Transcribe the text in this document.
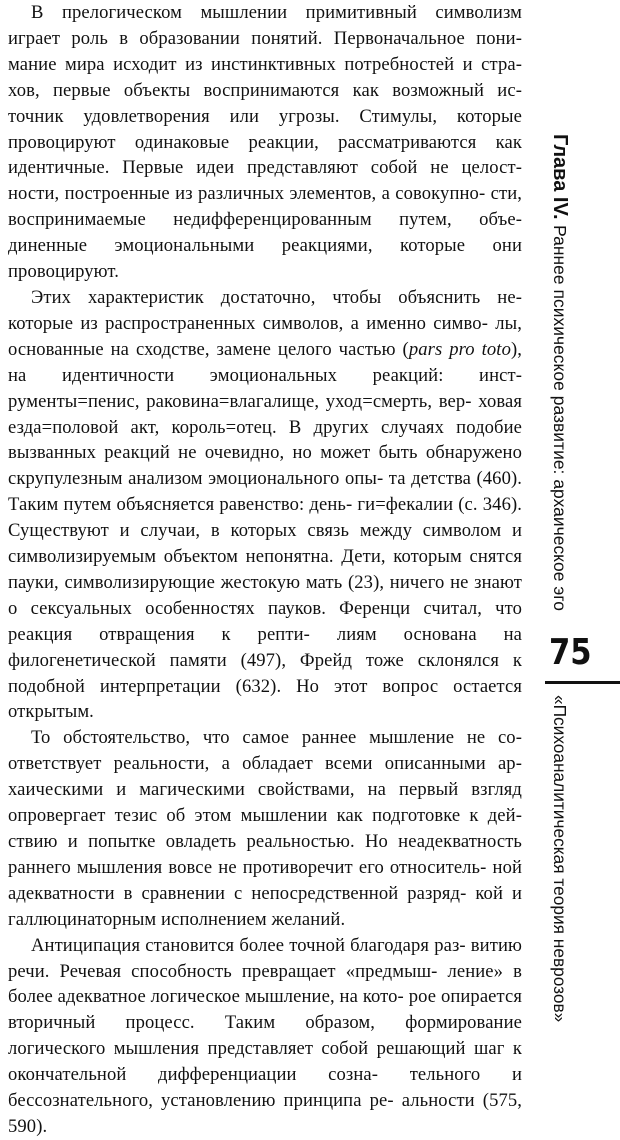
В прелогическом мышлении примитивный символизм играет роль в образовании понятий. Первоначальное пони- мание мира исходит из инстинктивных потребностей и стра- хов, первые объекты воспринимаются как возможный ис- точник удовлетворения или угрозы. Стимулы, которые провоцируют одинаковые реакции, рассматриваются как идентичные. Первые идеи представляют собой не целост- ности, построенные из различных элементов, а совокупно- сти, воспринимаемые недифференцированным путем, объе- диненные эмоциональными реакциями, которые они провоцируют.

Этих характеристик достаточно, чтобы объяснить не- которые из распространенных символов, а именно симво- лы, основанные на сходстве, замене целого частью (pars pro toto), на идентичности эмоциональных реакций: инст- рументы=пенис, раковина=влагалище, уход=смерть, вер- ховая езда=половой акт, король=отец. В других случаях подобие вызванных реакций не очевидно, но может быть обнаружено скрупулезным анализом эмоционального опы- та детства (460). Таким путем объясняется равенство: день- ги=фекалии (с. 346). Существуют и случаи, в которых связь между символом и символизируемым объектом непонятна. Дети, которым снятся пауки, символизирующие жестокую мать (23), ничего не знают о сексуальных особенностях пауков. Ференци считал, что реакция отвращения к репти- лиям основана на филогенетической памяти (497), Фрейд тоже склонялся к подобной интерпретации (632). Но этот вопрос остается открытым.

То обстоятельство, что самое раннее мышление не со- ответствует реальности, а обладает всеми описанными ар- хаическими и магическими свойствами, на первый взгляд опровергает тезис об этом мышлении как подготовке к дей- ствию и попытке овладеть реальностью. Но неадекватность раннего мышления вовсе не противоречит его относитель- ной адекватности в сравнении с непосредственной разряд- кой и галлюцинаторным исполнением желаний.

Антиципация становится более точной благодаря раз- витию речи. Речевая способность превращает «предмыш- ление» в более адекватное логическое мышление, на кото- рое опирается вторичный процесс. Таким образом, формирование логического мышления представляет собой решающий шаг к окончательной дифференциации созна- тельного и бессознательного, установлению принципа ре- альности (575, 590).

Глава IV. Раннее психическое развитие: архаическое эго
75
«Психоаналитическая теория неврозов»
